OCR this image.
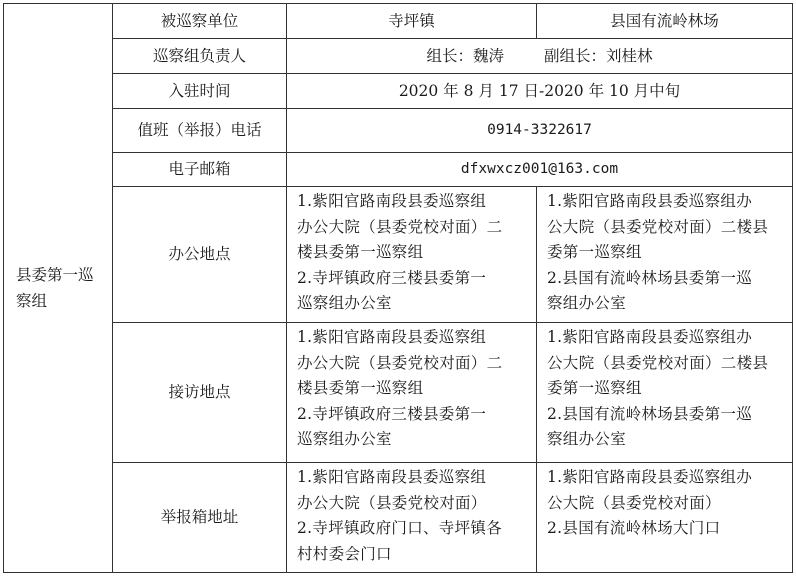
县委第一巡察组	被巡察单位	寺坪镇	县国有流岭林场
	巡察组负责人	组长：魏涛 副组长：刘桂林	
	入驻时间	2020 年 8 月 17 日-2020 年 10 月中旬	
	值班（举报）电话	0914-3322617	
	电子邮箱	dfxwxcz001@163.com	
	办公地点	1.紫阳官路南段县委巡察组
办公大院（县委党校对面）二
楼县委第一巡察组
2.寺坪镇政府三楼县委第一
巡察组办公室	1.紫阳官路南段县委巡察组办
公大院（县委党校对面）二楼县
委第一巡察组
2.县国有流岭林场县委第一巡
察组办公室

	接访地点	1.紫阳官路南段县委巡察组
办公大院（县委党校对面）二
楼县委第一巡察组
2.寺坪镇政府三楼县委第一
巡察组办公室	1.紫阳官路南段县委巡察组办
公大院（县委党校对面）二楼县
委第一巡察组
2.县国有流岭林场县委第一巡
察组办公室

	举报箱地址	1.紫阳官路南段县委巡察组
办公大院（县委党校对面）
2.寺坪镇政府门口、寺坪镇各
村村委会门口	1.紫阳官路南段县委巡察组办
公大院（县委党校对面）
2.县国有流岭林场大门口
